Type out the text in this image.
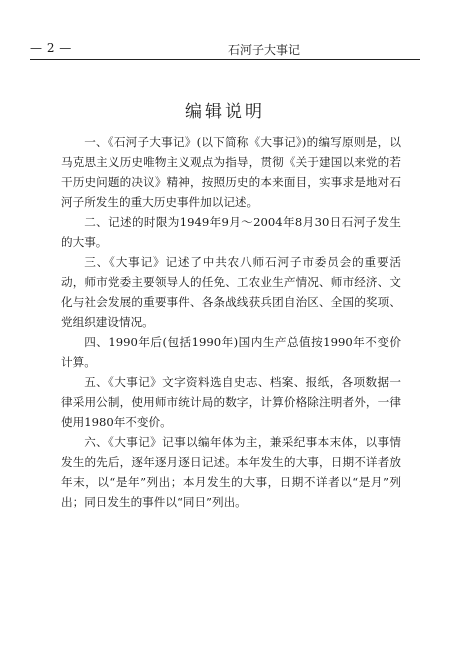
— 2 —	石河子大事记
编辑说明

一、《石河子大事记》(以下简称《大事记》)的编写原则是，以马克思主义历史唯物主义观点为指导，贯彻《关于建国以来党的若干历史问题的决议》精神，按照历史的本来面目，实事求是地对石河子所发生的重大历史事件加以记述。

二、记述的时限为1949年9月～2004年8月30日石河子发生的大事。

三、《大事记》记述了中共农八师石河子市委员会的重要活动，师市党委主要领导人的任免、工农业生产情况、师市经济、文化与社会发展的重要事件、各条战线获兵团自治区、全国的奖项、党组织建设情况。

四、1990年后(包括1990年)国内生产总值按1990年不变价计算。

五、《大事记》文字资料选自史志、档案、报纸，各项数据一律采用公制，使用师市统计局的数字，计算价格除注明者外，一律使用1980年不变价。

六、《大事记》记事以编年体为主，兼采纪事本末体，以事情发生的先后，逐年逐月逐日记述。本年发生的大事，日期不详者放年末，以“是年”列出；本月发生的大事，日期不详者以“是月”列出；同日发生的事件以“同日”列出。
